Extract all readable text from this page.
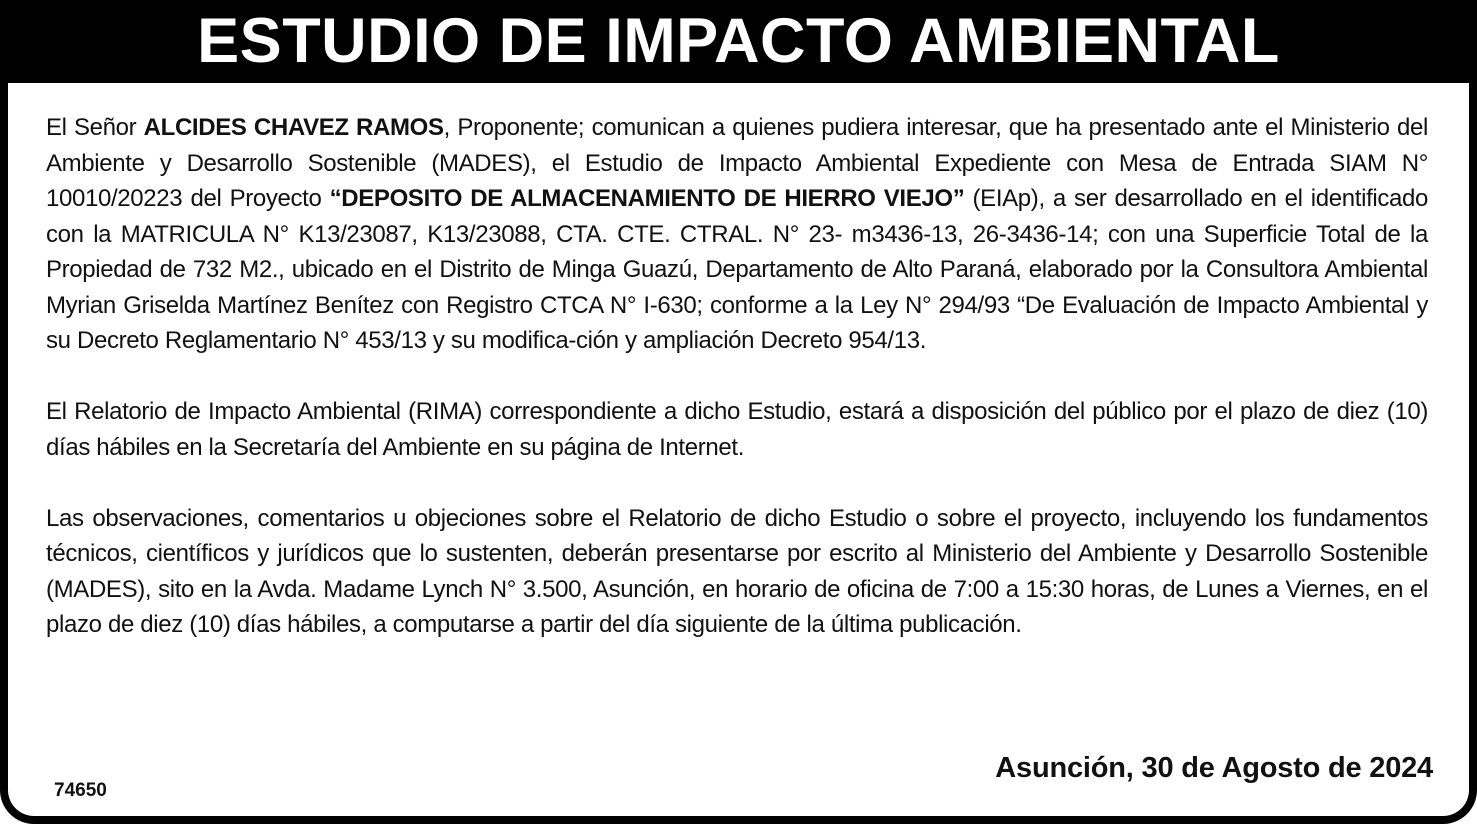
ESTUDIO DE IMPACTO AMBIENTAL

El Señor ALCIDES CHAVEZ RAMOS, Proponente; comunican a quienes pudiera interesar, que ha presentado ante el Ministerio del Ambiente y Desarrollo Sostenible (MADES), el Estudio de Impacto Ambiental Expediente con Mesa de Entrada SIAM N° 10010/20223 del Proyecto “DEPOSITO DE ALMACENAMIENTO DE HIERRO VIEJO” (EIAp), a ser desarrollado en el identificado con la MATRICULA N° K13/23087, K13/23088, CTA. CTE. CTRAL. N° 23- m3436-13, 26-3436-14; con una Superficie Total de la Propiedad de 732 M2., ubicado en el Distrito de Minga Guazú, Departamento de Alto Paraná, elaborado por la Consultora Ambiental Myrian Griselda Martínez Benítez con Registro CTCA N° I-630; conforme a la Ley N° 294/93 “De Evaluación de Impacto Ambiental y su Decreto Reglamentario N° 453/13 y su modifica-ción y ampliación Decreto 954/13.

El Relatorio de Impacto Ambiental (RIMA) correspondiente a dicho Estudio, estará a disposición del público por el plazo de diez (10) días hábiles en la Secretaría del Ambiente en su página de Internet.

Las observaciones, comentarios u objeciones sobre el Relatorio de dicho Estudio o sobre el proyecto, incluyendo los fundamentos técnicos, científicos y jurídicos que lo sustenten, deberán presentarse por escrito al Ministerio del Ambiente y Desarrollo Sostenible (MADES), sito en la Avda. Madame Lynch N° 3.500, Asunción, en horario de oficina de 7:00 a 15:30 horas, de Lunes a Viernes, en el plazo de diez (10) días hábiles, a computarse a partir del día siguiente de la última publicación.

Asunción, 30 de Agosto de 2024
74650
